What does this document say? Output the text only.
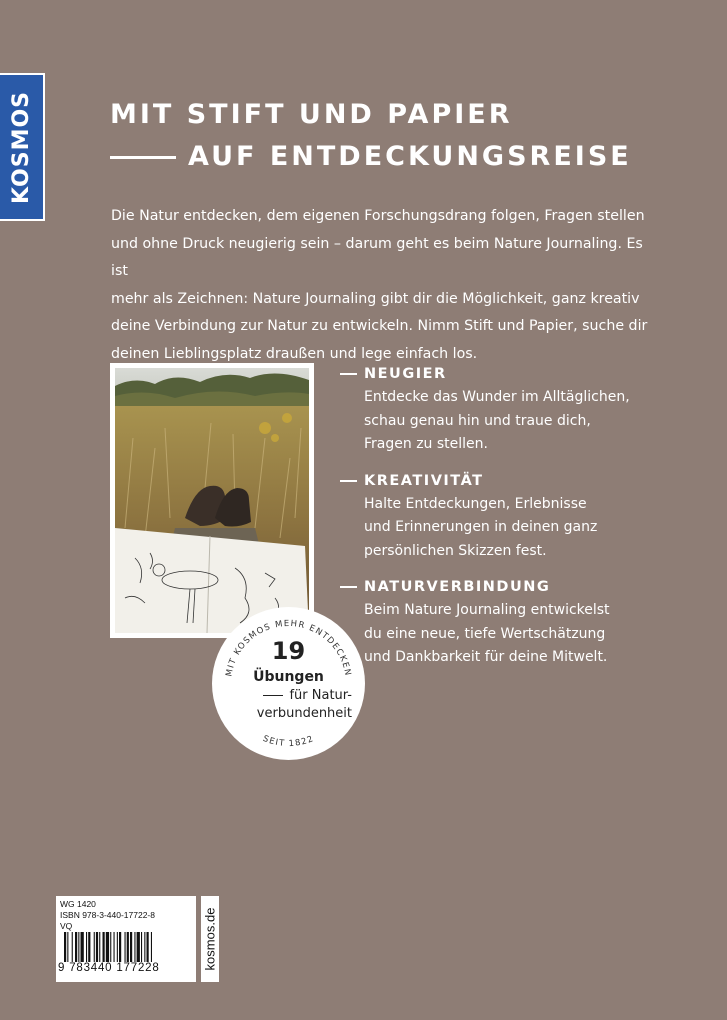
KOSMOS	MIT STIFT UND PAPIER
AUF ENTDECKUNGSREISE
Die Natur entdecken, dem eigenen Forschungsdrang folgen, Fragen stellen
und ohne Druck neugierig sein – darum geht es beim Nature Journaling. Es ist
mehr als Zeichnen: Nature Journaling gibt dir die Möglichkeit, ganz kreativ
deine Verbindung zur Natur zu entwickeln. Nimm Stift und Papier, suche dir
deinen Lieblingsplatz draußen und lege einfach los.
NEUGIER
Entdecke das Wunder im Alltäglichen,
schau genau hin und traue dich,
Fragen zu stellen.
KREATIVITÄT
Halte Entdeckungen, Erlebnisse
und Erinnerungen in deinen ganz
persönlichen Skizzen fest.
NATURVERBINDUNG
Beim Nature Journaling entwickelst
du eine neue, tiefe Wertschätzung
und Dankbarkeit für deine Mitwelt.
MIT KOSMOS MEHR ENTDECKEN
SEIT 1822
19
Übungen
für Natur-
verbundenheit
WG 1420
ISBN 978-3-440-17722-8
VQ
9 783440 177228	kosmos.de
